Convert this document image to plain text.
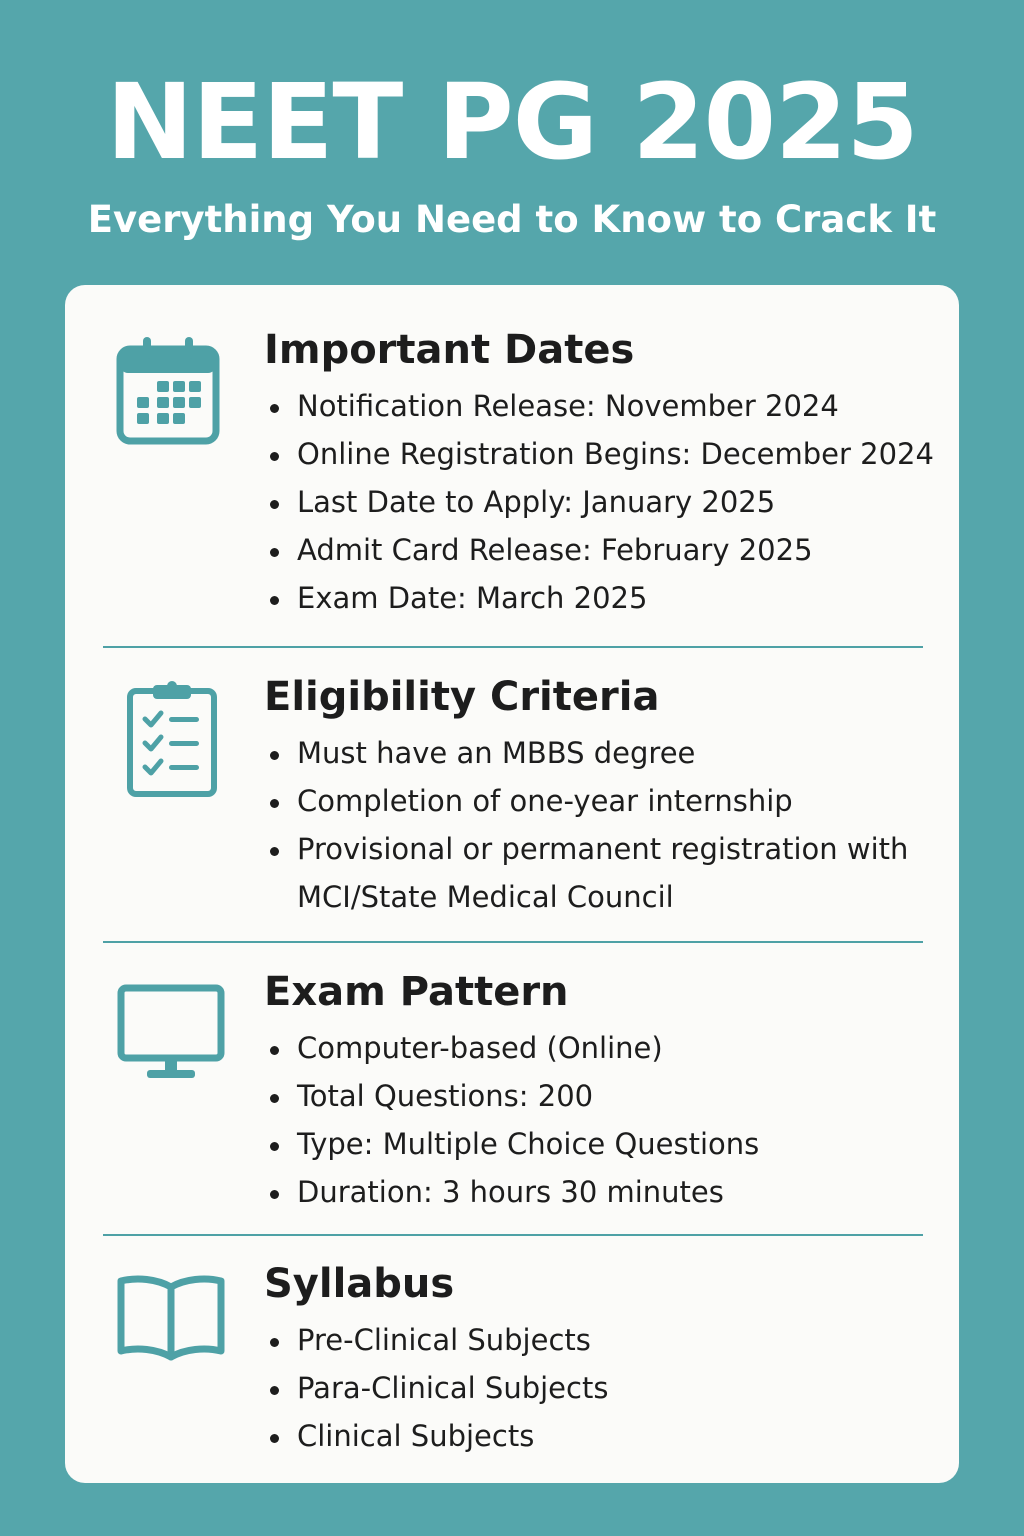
NEET PG 2025
Everything You Need to Know to Crack It
Important Dates
Notification Release: November 2024
Online Registration Begins: December 2024
Last Date to Apply: January 2025
Admit Card Release: February 2025
Exam Date: March 2025
Eligibility Criteria
Must have an MBBS degree
Completion of one-year internship
Provisional or permanent registration with MCI/State Medical Council
Exam Pattern
Computer-based (Online)
Total Questions: 200
Type: Multiple Choice Questions
Duration: 3 hours 30 minutes
Syllabus
Pre-Clinical Subjects
Para-Clinical Subjects
Clinical Subjects
